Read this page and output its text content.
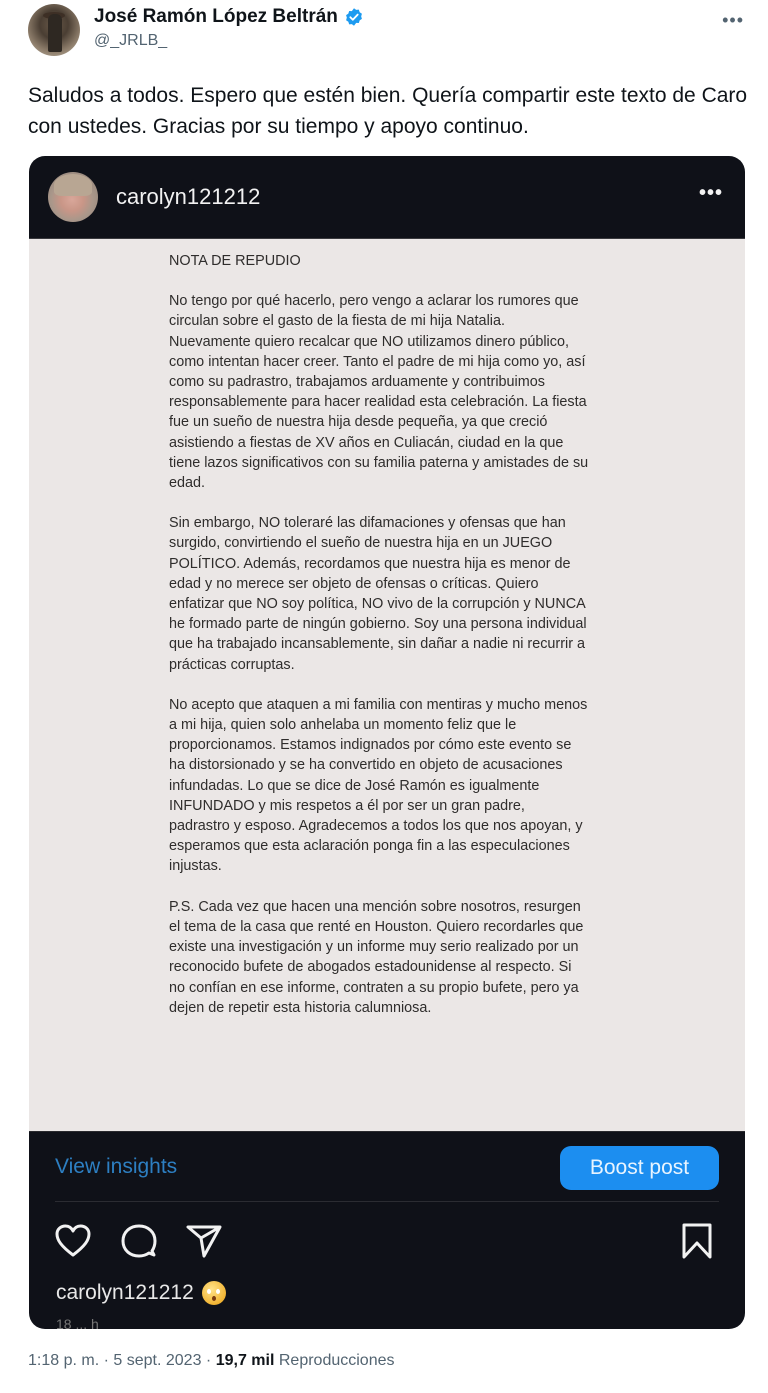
José Ramón López Beltrán
@_JRLB_
•••
Saludos a todos. Espero que estén bien. Quería compartir este texto de Caro con ustedes. Gracias por su tiempo y apoyo continuo.
carolyn121212	•••

NOTA DE REPUDIO

No tengo por qué hacerlo, pero vengo a aclarar los rumores que circulan sobre el gasto de la fiesta de mi hija Natalia. Nuevamente quiero recalcar que NO utilizamos dinero público, como intentan hacer creer. Tanto el padre de mi hija como yo, así como su padrastro, trabajamos arduamente y contribuimos responsablemente para hacer realidad esta celebración. La fiesta fue un sueño de nuestra hija desde pequeña, ya que creció asistiendo a fiestas de XV años en Culiacán, ciudad en la que tiene lazos significativos con su familia paterna y amistades de su edad.

Sin embargo, NO toleraré las difamaciones y ofensas que han surgido, convirtiendo el sueño de nuestra hija en un JUEGO POLÍTICO. Además, recordamos que nuestra hija es menor de edad y no merece ser objeto de ofensas o críticas. Quiero enfatizar que NO soy política, NO vivo de la corrupción y NUNCA he formado parte de ningún gobierno. Soy una persona individual que ha trabajado incansablemente, sin dañar a nadie ni recurrir a prácticas corruptas.

No acepto que ataquen a mi familia con mentiras y mucho menos a mi hija, quien solo anhelaba un momento feliz que le proporcionamos. Estamos indignados por cómo este evento se ha distorsionado y se ha convertido en objeto de acusaciones infundadas. Lo que se dice de José Ramón es igualmente INFUNDADO y mis respetos a él por ser un gran padre, padrastro y esposo. Agradecemos a todos los que nos apoyan, y esperamos que esta aclaración ponga fin a las especulaciones injustas.

P.S. Cada vez que hacen una mención sobre nosotros, resurgen el tema de la casa que renté en Houston. Quiero recordarles que existe una investigación y un informe muy serio realizado por un reconocido bufete de abogados estadounidense al respecto. Si no confían en ese informe, contraten a su propio bufete, pero ya dejen de repetir esta historia calumniosa.

View insights	Boost post
carolyn121212
18 ... h
1:18 p. m. · 5 sept. 2023 · 19,7 mil Reproducciones
